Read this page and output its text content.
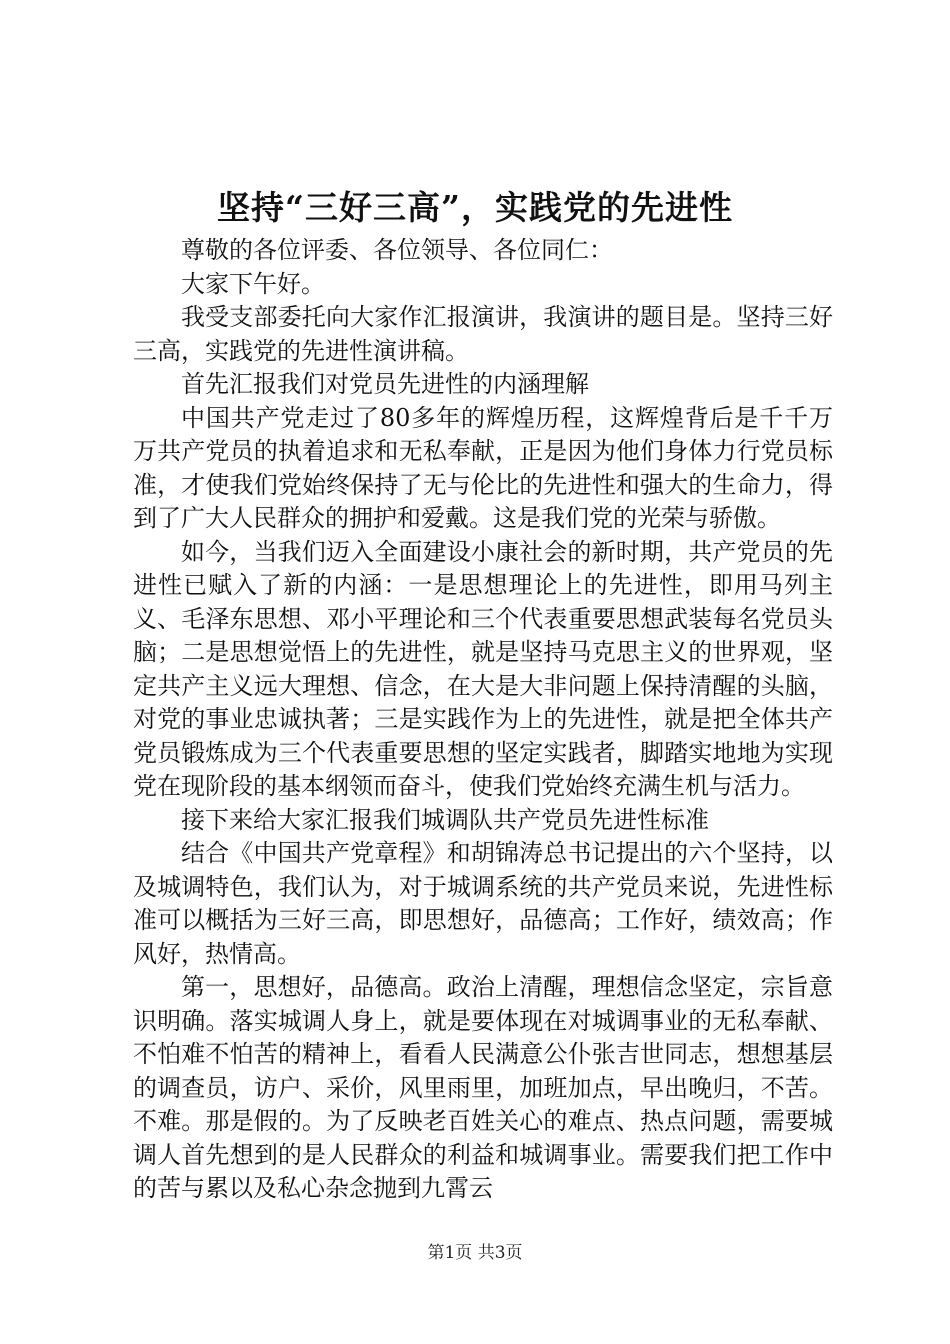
坚持“三好三高”，实践党的先进性

尊敬的各位评委、各位领导、各位同仁：

大家下午好。

我受支部委托向大家作汇报演讲，我演讲的题目是。坚持三好三高，实践党的先进性演讲稿。

首先汇报我们对党员先进性的内涵理解

中国共产党走过了80多年的辉煌历程，这辉煌背后是千千万万共产党员的执着追求和无私奉献，正是因为他们身体力行党员标准，才使我们党始终保持了无与伦比的先进性和强大的生命力，得到了广大人民群众的拥护和爱戴。这是我们党的光荣与骄傲。

如今，当我们迈入全面建设小康社会的新时期，共产党员的先进性已赋入了新的内涵：一是思想理论上的先进性，即用马列主义、毛泽东思想、邓小平理论和三个代表重要思想武装每名党员头脑；二是思想觉悟上的先进性，就是坚持马克思主义的世界观，坚定共产主义远大理想、信念，在大是大非问题上保持清醒的头脑，对党的事业忠诚执著；三是实践作为上的先进性，就是把全体共产党员锻炼成为三个代表重要思想的坚定实践者，脚踏实地地为实现党在现阶段的基本纲领而奋斗，使我们党始终充满生机与活力。

接下来给大家汇报我们城调队共产党员先进性标准

结合《中国共产党章程》和胡锦涛总书记提出的六个坚持，以及城调特色，我们认为，对于城调系统的共产党员来说，先进性标准可以概括为三好三高，即思想好，品德高；工作好，绩效高；作风好，热情高。

第一，思想好，品德高。政治上清醒，理想信念坚定，宗旨意识明确。落实城调人身上，就是要体现在对城调事业的无私奉献、不怕难不怕苦的精神上，看看人民满意公仆张吉世同志，想想基层的调查员，访户、采价，风里雨里，加班加点，早出晚归，不苦。不难。那是假的。为了反映老百姓关心的难点、热点问题，需要城调人首先想到的是人民群众的利益和城调事业。需要我们把工作中的苦与累以及私心杂念抛到九霄云

第1页 共3页
